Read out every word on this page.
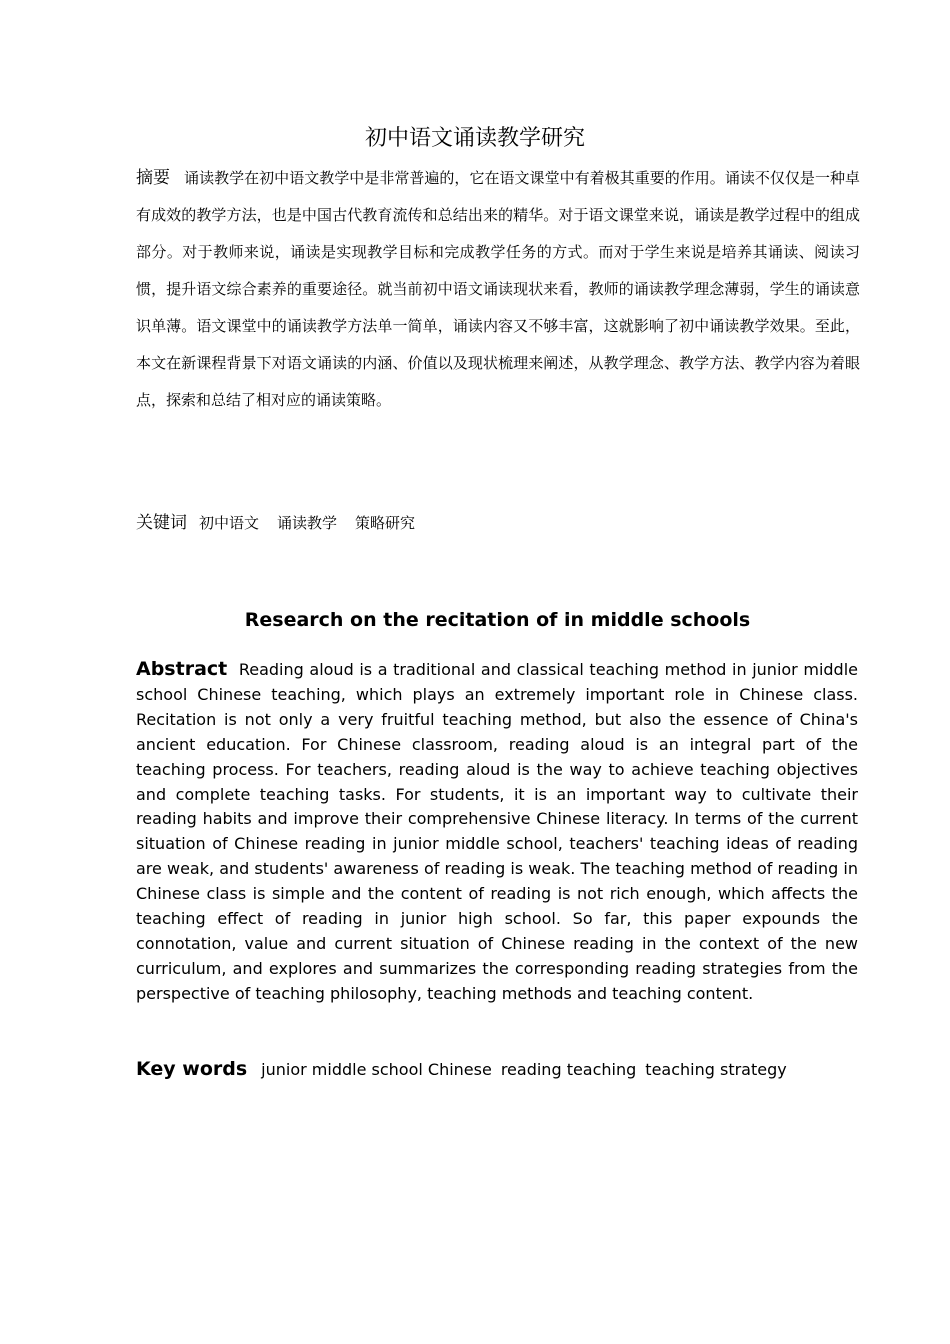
初中语文诵读教学研究

摘要 诵读教学在初中语文教学中是非常普遍的，它在语文课堂中有着极其重要的作用。诵读不仅仅是一种卓有成效的教学方法，也是中国古代教育流传和总结出来的精华。对于语文课堂来说，诵读是教学过程中的组成部分。对于教师来说，诵读是实现教学目标和完成教学任务的方式。而对于学生来说是培养其诵读、阅读习惯，提升语文综合素养的重要途径。就当前初中语文诵读现状来看，教师的诵读教学理念薄弱，学生的诵读意识单薄。语文课堂中的诵读教学方法单一简单，诵读内容又不够丰富，这就影响了初中诵读教学效果。至此，本文在新课程背景下对语文诵读的内涵、价值以及现状梳理来阐述，从教学理念、教学方法、教学内容为着眼点，探索和总结了相对应的诵读策略。

关键词 初中语文 诵读教学 策略研究

Research on the recitation of in middle schools

Abstract Reading aloud is a traditional and classical teaching method in junior middle school Chinese teaching, which plays an extremely important role in Chinese class. Recitation is not only a very fruitful teaching method, but also the essence of China's ancient education. For Chinese classroom, reading aloud is an integral part of the teaching process. For teachers, reading aloud is the way to achieve teaching objectives and complete teaching tasks. For students, it is an important way to cultivate their reading habits and improve their comprehensive Chinese literacy. In terms of the current situation of Chinese reading in junior middle school, teachers' teaching ideas of reading are weak, and students' awareness of reading is weak. The teaching method of reading in Chinese class is simple and the content of reading is not rich enough, which affects the teaching effect of reading in junior high school. So far, this paper expounds the connotation, value and current situation of Chinese reading in the context of the new curriculum, and explores and summarizes the corresponding reading strategies from the perspective of teaching philosophy, teaching methods and teaching content.

Key words junior middle school Chinese reading teaching teaching strategy
